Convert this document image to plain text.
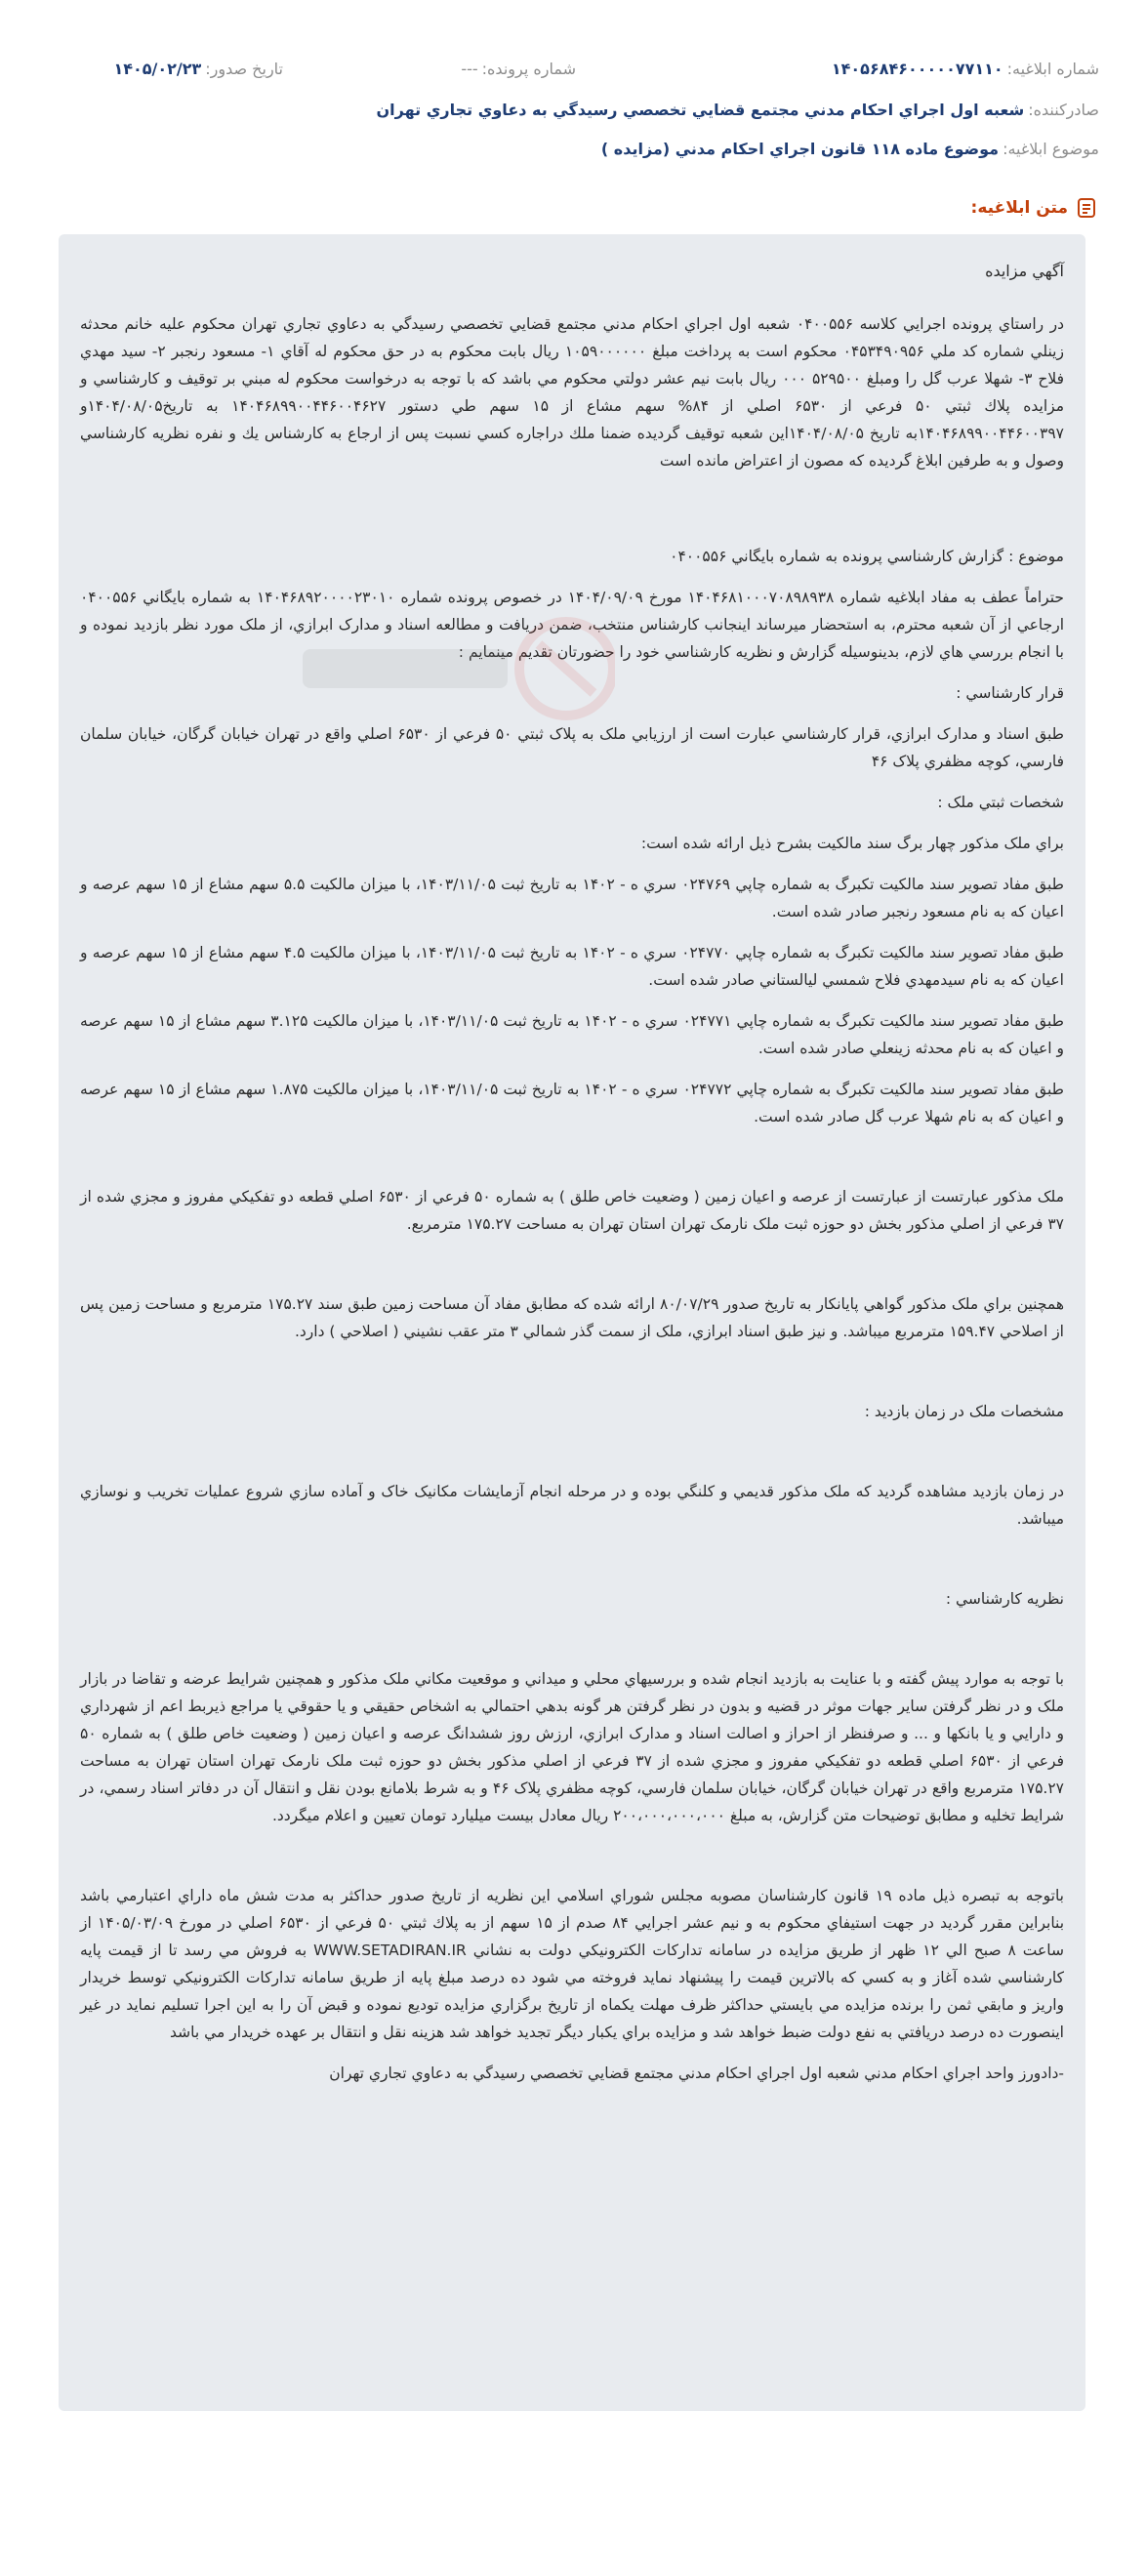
شماره ابلاغيه:
۱۴۰۵۶۸۴۶۰۰۰۰۰۷۷۱۱۰
شماره پرونده:
---
تاريخ صدور:
۱۴۰۵/۰۲/۲۳
صادرکننده:
شعبه اول اجراي احکام مدني مجتمع قضايي تخصصي رسيدگي به دعاوي تجاري تهران
موضوع ابلاغيه:
موضوع ماده ۱۱۸ قانون اجراي احکام مدني (مزايده )
متن ابلاغيه:

آگهي مزايده

در راستاي پرونده اجرايي كلاسه ۰۴۰۰۵۵۶ شعبه اول اجراي احكام مدني مجتمع قضايي تخصصي رسيدگي به دعاوي تجاري تهران محكوم عليه خانم محدثه زينلي شماره كد ملي ۰۴۵۳۴۹۰۹۵۶ محكوم است به پرداخت مبلغ ۱۰۵۹۰۰۰۰۰۰ ريال بابت محكوم به در حق محکوم له آقاي ۱- مسعود رنجبر ۲- سيد مهدي فلاح ۳- شهلا عرب گل را ومبلغ ۵۲۹۵۰۰ ۰۰۰ ريال بابت نيم عشر دولتي محكوم مي باشد كه با توجه به درخواست محكوم له مبني بر توقيف و كارشناسي و مزايده پلاك ثبتي ۵۰ فرعي از ۶۵۳۰ اصلي از ۸۴% سهم مشاع از ۱۵ سهم طي دستور ۱۴۰۴۶۸۹۹۰۰۴۴۶۰۰۴۶۲۷ به تاريخ۱۴۰۴/۰۸/۰۵و ۱۴۰۴۶۸۹۹۰۰۴۴۶۰۰۳۹۷به تاريخ ۱۴۰۴/۰۸/۰۵اين شعبه توقيف گرديده ضمنا ملك دراجاره كسي نسبت پس از ارجاع به كارشناس يك و نفره نظريه كارشناسي وصول و به طرفين ابلاغ گرديده كه مصون از اعتراض مانده است

موضوع : گزارش کارشناسي پرونده به شماره بايگاني ۰۴۰۰۵۵۶

حتراماً عطف به مفاد ابلاغيه شماره ۱۴۰۴۶۸۱۰۰۰۷۰۸۹۸۹۳۸ مورخ ۱۴۰۴/۰۹/۰۹ در خصوص پرونده شماره ۱۴۰۴۶۸۹۲۰۰۰۰۲۳۰۱۰ به شماره بايگاني ۰۴۰۰۵۵۶ ارجاعي از آن شعبه محترم، به استحضار ميرساند اينجانب کارشناس منتخب، ضمن دريافت و مطالعه اسناد و مدارک ابرازي، از ملک مورد نظر بازديد نموده و با انجام بررسي هاي لازم، بدينوسيله گزارش و نظريه کارشناسي خود را حضورتان تقديم مينمايم :

قرار کارشناسي :

طبق اسناد و مدارک ابرازي، قرار کارشناسي عبارت است از ارزيابي ملک به پلاک ثبتي ۵۰ فرعي از ۶۵۳۰ اصلي واقع در تهران خيابان گرگان، خيابان سلمان فارسي، کوچه مظفري پلاک ۴۶

شخصات ثبتي ملک :

براي ملک مذکور چهار برگ سند مالکيت بشرح ذيل ارائه شده است:

طبق مفاد تصوير سند مالکيت تکبرگ به شماره چاپي ۰۲۴۷۶۹ سري ه - ۱۴۰۲ به تاريخ ثبت ۱۴۰۳/۱۱/۰۵، با ميزان مالکيت ۵.۵ سهم مشاع از ۱۵ سهم عرصه و اعيان که به نام مسعود رنجبر صادر شده است.

طبق مفاد تصوير سند مالکيت تکبرگ به شماره چاپي ۰۲۴۷۷۰ سري ه - ۱۴۰۲ به تاريخ ثبت ۱۴۰۳/۱۱/۰۵، با ميزان مالکيت ۴.۵ سهم مشاع از ۱۵ سهم عرصه و اعيان که به نام سيدمهدي فلاح شمسي ليالستاني صادر شده است.

طبق مفاد تصوير سند مالکيت تکبرگ به شماره چاپي ۰۲۴۷۷۱ سري ه - ۱۴۰۲ به تاريخ ثبت ۱۴۰۳/۱۱/۰۵، با ميزان مالکيت ۳.۱۲۵ سهم مشاع از ۱۵ سهم عرصه و اعيان که به نام محدثه زينعلي صادر شده است.

طبق مفاد تصوير سند مالکيت تکبرگ به شماره چاپي ۰۲۴۷۷۲ سري ه - ۱۴۰۲ به تاريخ ثبت ۱۴۰۳/۱۱/۰۵، با ميزان مالکيت ۱.۸۷۵ سهم مشاع از ۱۵ سهم عرصه و اعيان که به نام شهلا عرب گل صادر شده است.

ملک مذکور عبارتست از عبارتست از عرصه و اعيان زمين ( وضعيت خاص طلق ) به شماره ۵۰ فرعي از ۶۵۳۰ اصلي قطعه دو تفکيکي مفروز و مجزي شده از ۳۷ فرعي از اصلي مذکور بخش دو حوزه ثبت ملک نارمک تهران استان تهران به مساحت ۱۷۵.۲۷ مترمربع.

همچنين براي ملک مذکور گواهي پايانکار به تاريخ صدور ۸۰/۰۷/۲۹ ارائه شده که مطابق مفاد آن مساحت زمين طبق سند ۱۷۵.۲۷ مترمربع و مساحت زمين پس از اصلاحي ۱۵۹.۴۷ مترمربع ميباشد. و نيز طبق اسناد ابرازي، ملک از سمت گذر شمالي ۳ متر عقب نشيني ( اصلاحي ) دارد.

مشخصات ملک در زمان بازديد :

در زمان بازديد مشاهده گرديد که ملک مذکور قديمي و کلنگي بوده و در مرحله انجام آزمايشات مکانيک خاک و آماده سازي شروع عمليات تخريب و نوسازي ميباشد.

نظريه کارشناسي :

با توجه به موارد پيش گفته و با عنايت به بازديد انجام شده و بررسيهاي محلي و ميداني و موقعيت مکاني ملک مذکور و همچنين شرايط عرضه و تقاضا در بازار ملک و در نظر گرفتن ساير جهات موثر در قضيه و بدون در نظر گرفتن هر گونه بدهي احتمالي به اشخاص حقيقي و يا حقوقي يا مراجع ذيربط اعم از شهرداري و دارايي و يا بانکها و ... و صرفنظر از احراز و اصالت اسناد و مدارک ابرازي، ارزش روز ششدانگ عرصه و اعيان زمين ( وضعيت خاص طلق ) به شماره ۵۰ فرعي از ۶۵۳۰ اصلي قطعه دو تفکيکي مفروز و مجزي شده از ۳۷ فرعي از اصلي مذکور بخش دو حوزه ثبت ملک نارمک تهران استان تهران به مساحت ۱۷۵.۲۷ مترمربع واقع در تهران خيابان گرگان، خيابان سلمان فارسي، کوچه مظفري پلاک ۴۶ و به شرط بلامانع بودن نقل و انتقال آن در دفاتر اسناد رسمي، در شرايط تخليه و مطابق توضيحات متن گزارش، به مبلغ ۲۰۰،۰۰۰،۰۰۰،۰۰۰ ريال معادل بيست ميليارد تومان تعيين و اعلام ميگردد.

باتوجه به تبصره ذيل ماده ۱۹ قانون کارشناسان مصوبه مجلس شوراي اسلامي اين نظريه از تاريخ صدور حداکثر به مدت شش ماه داراي اعتبارمي باشد بنابراين مقرر گرديد در جهت استيفاي محكوم به و نيم عشر اجرايي ۸۴ صدم از ۱۵ سهم از به پلاك ثبتي ۵۰ فرعي از ۶۵۳۰ اصلي در مورخ ۱۴۰۵/۰۳/۰۹ از ساعت ۸ صبح الي ۱۲ ظهر از طريق مزايده در سامانه تداركات الكترونيكي دولت به نشاني WWW.SETADIRAN.IR به فروش مي رسد تا از قيمت پايه كارشناسي شده آغاز و به كسي كه بالاترين قيمت را پيشنهاد نمايد فروخته مي شود ده درصد مبلغ پايه از طريق سامانه تداركات الكترونيكي توسط خريدار واريز و مابقي ثمن را برنده مزايده مي بايستي حداكثر ظرف مهلت يكماه از تاريخ برگزاري مزايده توديع نموده و قبض آن را به اين اجرا تسليم نمايد در غير اينصورت ده درصد دريافتي به نفع دولت ضبط خواهد شد و مزايده براي يكبار ديگر تجديد خواهد شد هزينه نقل و انتقال بر عهده خريدار مي باشد

-دادورز واحد اجراي احكام مدني شعبه اول اجراي احكام مدني مجتمع قضايي تخصصي رسيدگي به دعاوي تجاري تهران
